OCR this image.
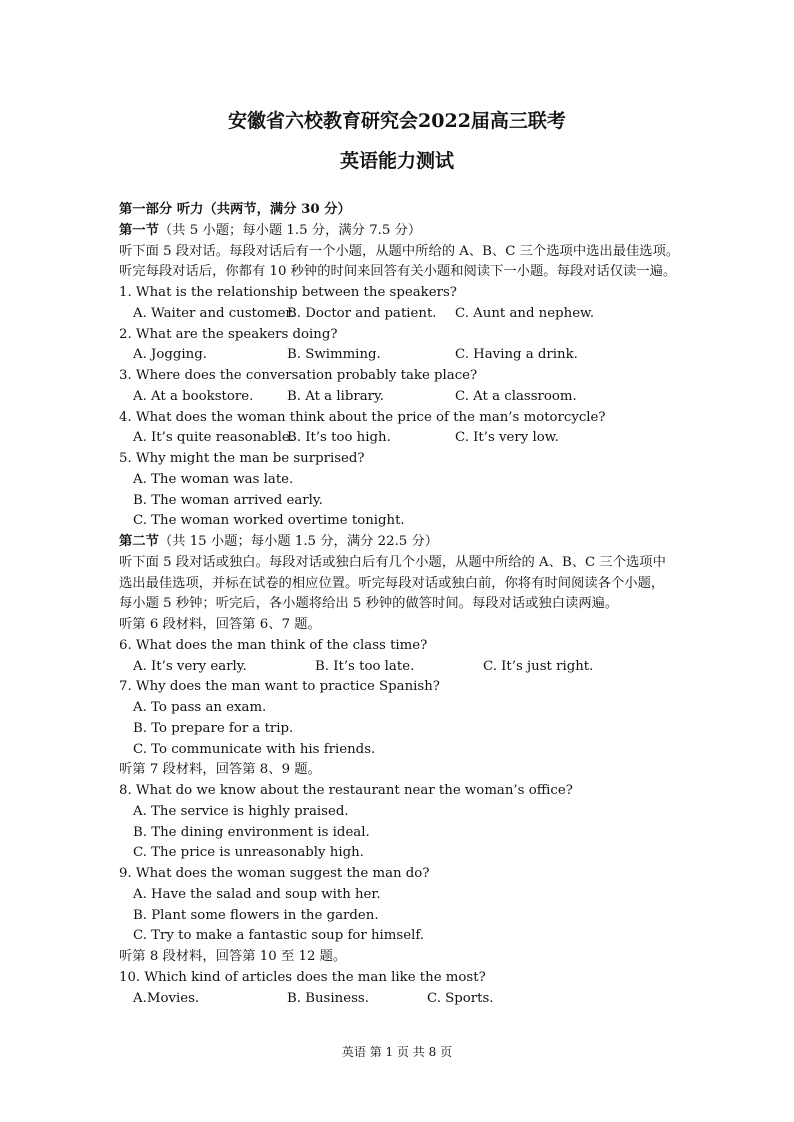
安徽省六校教育研究会2022届高三联考
英语能力测试
第一部分 听力（共两节，满分 30 分）
第一节（共 5 小题；每小题 1.5 分，满分 7.5 分）
听下面 5 段对话。每段对话后有一个小题，从题中所给的 A、B、C 三个选项中选出最佳选项。
听完每段对话后，你都有 10 秒钟的时间来回答有关小题和阅读下一小题。每段对话仅读一遍。
1. What is the relationship between the speakers?
A. Waiter and customer.B. Doctor and patient. C. Aunt and nephew.
2. What are the speakers doing?
A. Jogging.	B. Swimming.	C. Having a drink.
3. Where does the conversation probably take place?
A. At a bookstore.	B. At a library.	C. At a classroom.
4. What does the woman think about the price of the man’s motorcycle?
A. It’s quite reasonable.B. It’s too high.	C. It’s very low.
5. Why might the man be surprised?
A. The woman was late.
B. The woman arrived early.
C. The woman worked overtime tonight.
第二节（共 15 小题；每小题 1.5 分，满分 22.5 分）
听下面 5 段对话或独白。每段对话或独白后有几个小题，从题中所给的 A、B、C 三个选项中
选出最佳选项，并标在试卷的相应位置。听完每段对话或独白前，你将有时间阅读各个小题，
每小题 5 秒钟；听完后，各小题将给出 5 秒钟的做答时间。每段对话或独白读两遍。
听第 6 段材料，回答第 6、7 题。
6. What does the man think of the class time?
A. It’s very early.	B. It’s too late.	C. It’s just right.
7. Why does the man want to practice Spanish?
A. To pass an exam.
B. To prepare for a trip.
C. To communicate with his friends.
听第 7 段材料，回答第 8、9 题。
8. What do we know about the restaurant near the woman’s office?
A. The service is highly praised.
B. The dining environment is ideal.
C. The price is unreasonably high.
9. What does the woman suggest the man do?
A. Have the salad and soup with her.
B. Plant some flowers in the garden.
C. Try to make a fantastic soup for himself.
听第 8 段材料，回答第 10 至 12 题。
10. Which kind of articles does the man like the most?
A.Movies.	B. Business.	C. Sports.
英语 第 1 页 共 8 页
